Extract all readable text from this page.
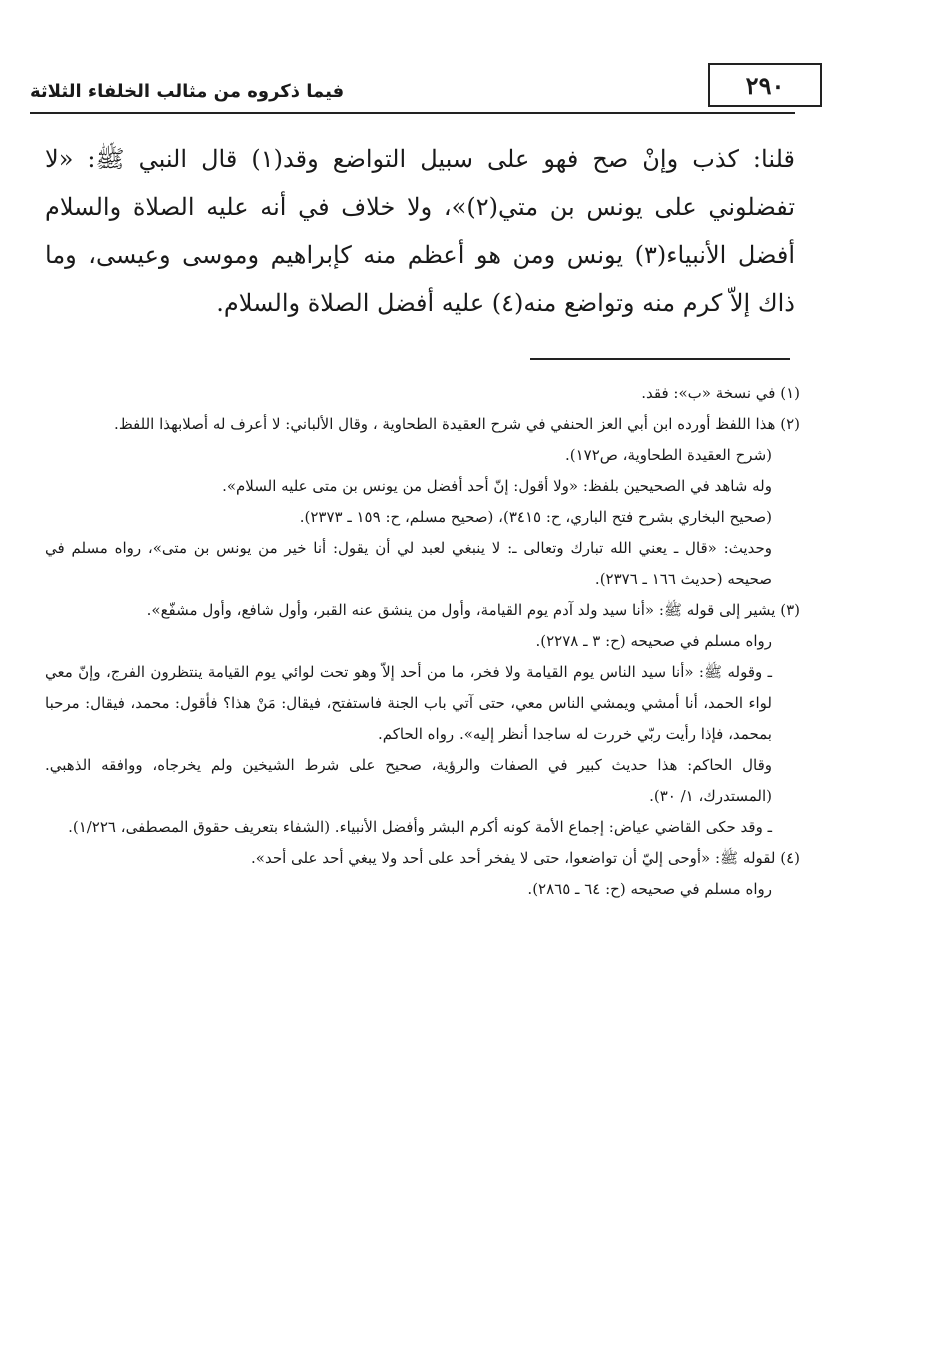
٢٩٠
فيما ذكروه من مثالب الخلفاء الثلاثة

قلنا: كذب وإنْ صح فهو على سبيل التواضع وقد(١) قال النبي ﷺ: «لا تفضلوني على يونس بن متي(٢)»، ولا خلاف في أنه عليه الصلاة والسلام أفضل الأنبياء(٣) يونس ومن هو أعظم منه كإبراهيم وموسى وعيسى، وما ذاك إلاّ كرم منه وتواضع منه(٤) عليه أفضل الصلاة والسلام.

(١) في نسخة «ب»: فقد.

(٢) هذا اللفظ أورده ابن أبي العز الحنفي في شرح العقيدة الطحاوية ، وقال الألباني: لا أعرف له أصلابهذا اللفظ.

(شرح العقيدة الطحاوية، ص١٧٢).

وله شاهد في الصحيحين بلفظ: «ولا أقول: إنّ أحد أفضل من يونس بن متى عليه السلام».

(صحيح البخاري بشرح فتح الباري، ح: ٣٤١٥)، (صحيح مسلم، ح: ١٥٩ ـ ٢٣٧٣).

وحديث: «قال ـ يعني الله تبارك وتعالى ـ: لا ينبغي لعبد لي أن يقول: أنا خير من يونس بن متى»، رواه مسلم في صحيحه (حديث ١٦٦ ـ ٢٣٧٦).

(٣) يشير إلى قوله ﷺ: «أنا سيد ولد آدم يوم القيامة، وأول من ينشق عنه القبر، وأول شافع، وأول مشفّع».

رواه مسلم في صحيحه (ح: ٣ ـ ٢٢٧٨).

ـ وقوله ﷺ: «أنا سيد الناس يوم القيامة ولا فخر، ما من أحد إلاّ وهو تحت لوائي يوم القيامة ينتظرون الفرج، وإنّ معي لواء الحمد، أنا أمشي ويمشي الناس معي، حتى آتي باب الجنة فاستفتح، فيقال: مَنْ هذا؟ فأقول: محمد، فيقال: مرحبا بمحمد، فإذا رأيت ربّي خررت له ساجدا أنظر إليه». رواه الحاكم.

وقال الحاكم: هذا حديث كبير في الصفات والرؤية، صحيح على شرط الشيخين ولم يخرجاه، ووافقه الذهبي. (المستدرك، ١/ ٣٠).

ـ وقد حكى القاضي عياض: إجماع الأمة كونه أكرم البشر وأفضل الأنبياء. (الشفاء بتعريف حقوق المصطفى، ١/٢٢٦).

(٤) لقوله ﷺ: «أوحى إليّ أن تواضعوا، حتى لا يفخر أحد على أحد ولا يبغي أحد على أحد».

رواه مسلم في صحيحه (ح: ٦٤ ـ ٢٨٦٥).
